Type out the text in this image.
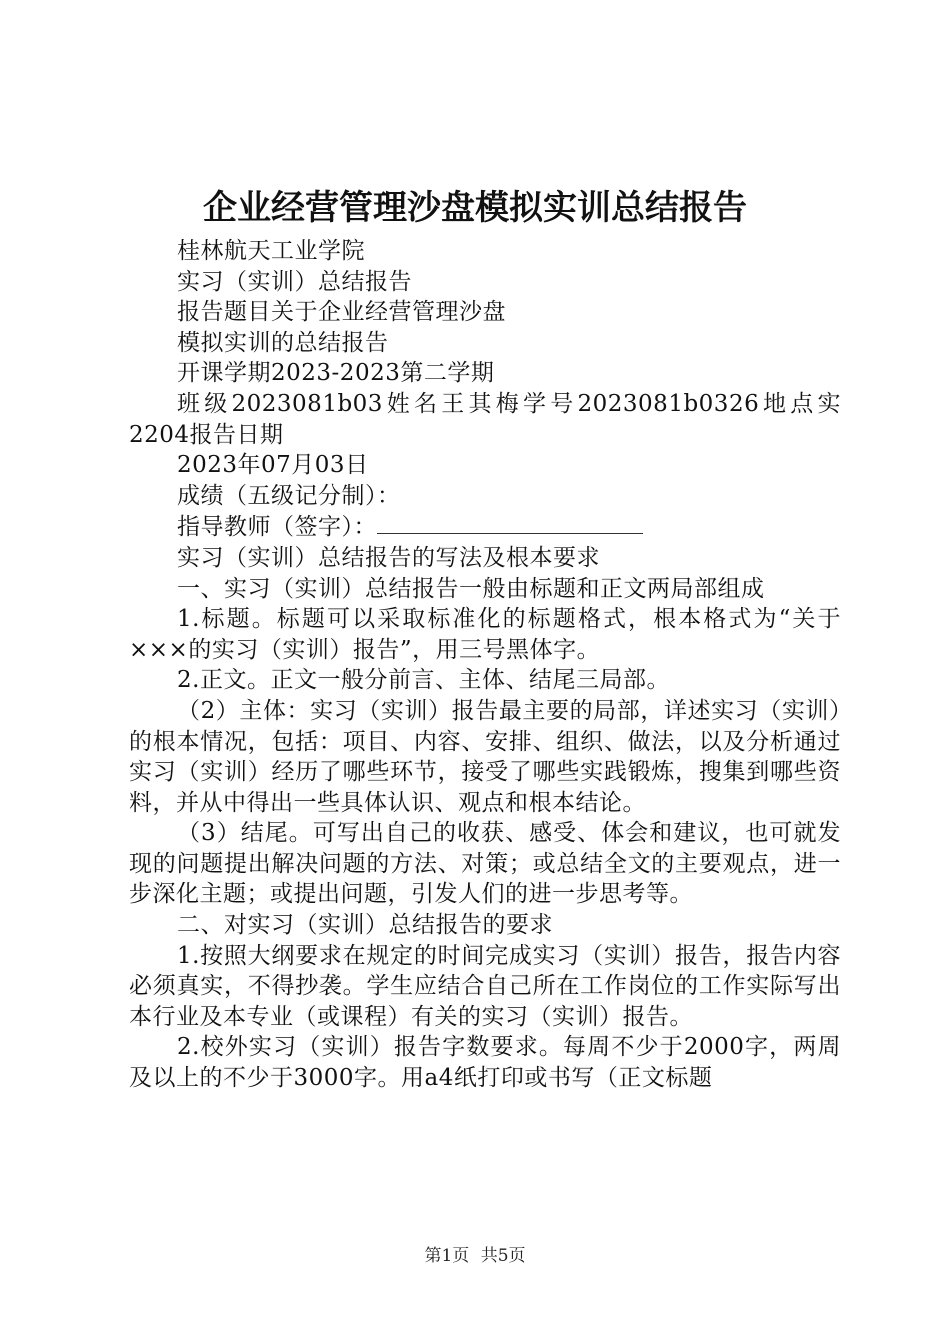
企业经营管理沙盘模拟实训总结报告

桂林航天工业学院

实习（实训）总结报告

报告题目关于企业经营管理沙盘

模拟实训的总结报告

开课学期2023-2023第二学期

班级2023081b03姓名王其梅学号2023081b0326地点实2204报告日期

2023年07月03日

成绩（五级记分制）：

指导教师（签字）：

实习（实训）总结报告的写法及根本要求

一、实习（实训）总结报告一般由标题和正文两局部组成

1.标题。标题可以采取标准化的标题格式，根本格式为“关于×××的实习（实训）报告”，用三号黑体字。

2.正文。正文一般分前言、主体、结尾三局部。

（2）主体：实习（实训）报告最主要的局部，详述实习（实训）的根本情况，包括：项目、内容、安排、组织、做法，以及分析通过实习（实训）经历了哪些环节，接受了哪些实践锻炼，搜集到哪些资料，并从中得出一些具体认识、观点和根本结论。

（3）结尾。可写出自己的收获、感受、体会和建议，也可就发现的问题提出解决问题的方法、对策；或总结全文的主要观点，进一步深化主题；或提出问题，引发人们的进一步思考等。

二、对实习（实训）总结报告的要求

1.按照大纲要求在规定的时间完成实习（实训）报告，报告内容必须真实，不得抄袭。学生应结合自己所在工作岗位的工作实际写出本行业及本专业（或课程）有关的实习（实训）报告。

2.校外实习（实训）报告字数要求。每周不少于2000字，两周及以上的不少于3000字。用a4纸打印或书写（正文标题

第1页 共5页
